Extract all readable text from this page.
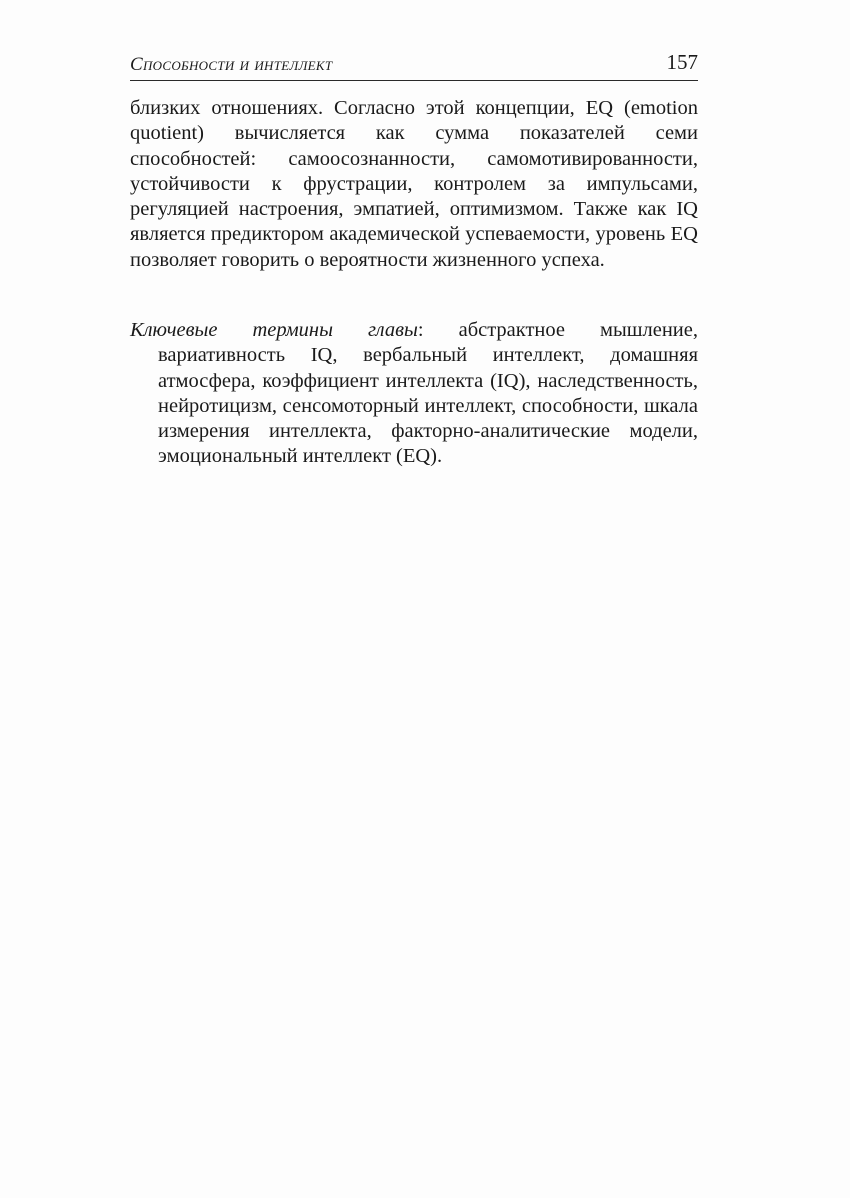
Способности и интеллект	157

близких отношениях. Согласно этой концепции, EQ (emotion quotient) вычисляется как сумма показателей семи способностей: самоосознанности, самомотивированности, устойчивости к фрустрации, контролем за импульсами, регуляцией настроения, эмпатией, оптимизмом. Также как IQ является предиктором академической успеваемости, уровень EQ позволяет говорить о вероятности жизненного успеха.

Ключевые термины главы: абстрактное мышление, вариативность IQ, вербальный интеллект, домашняя атмосфера, коэффициент интеллекта (IQ), наследственность, нейротицизм, сенсомоторный интеллект, способности, шкала измерения интеллекта, факторно-аналитические модели, эмоциональный интеллект (EQ).
